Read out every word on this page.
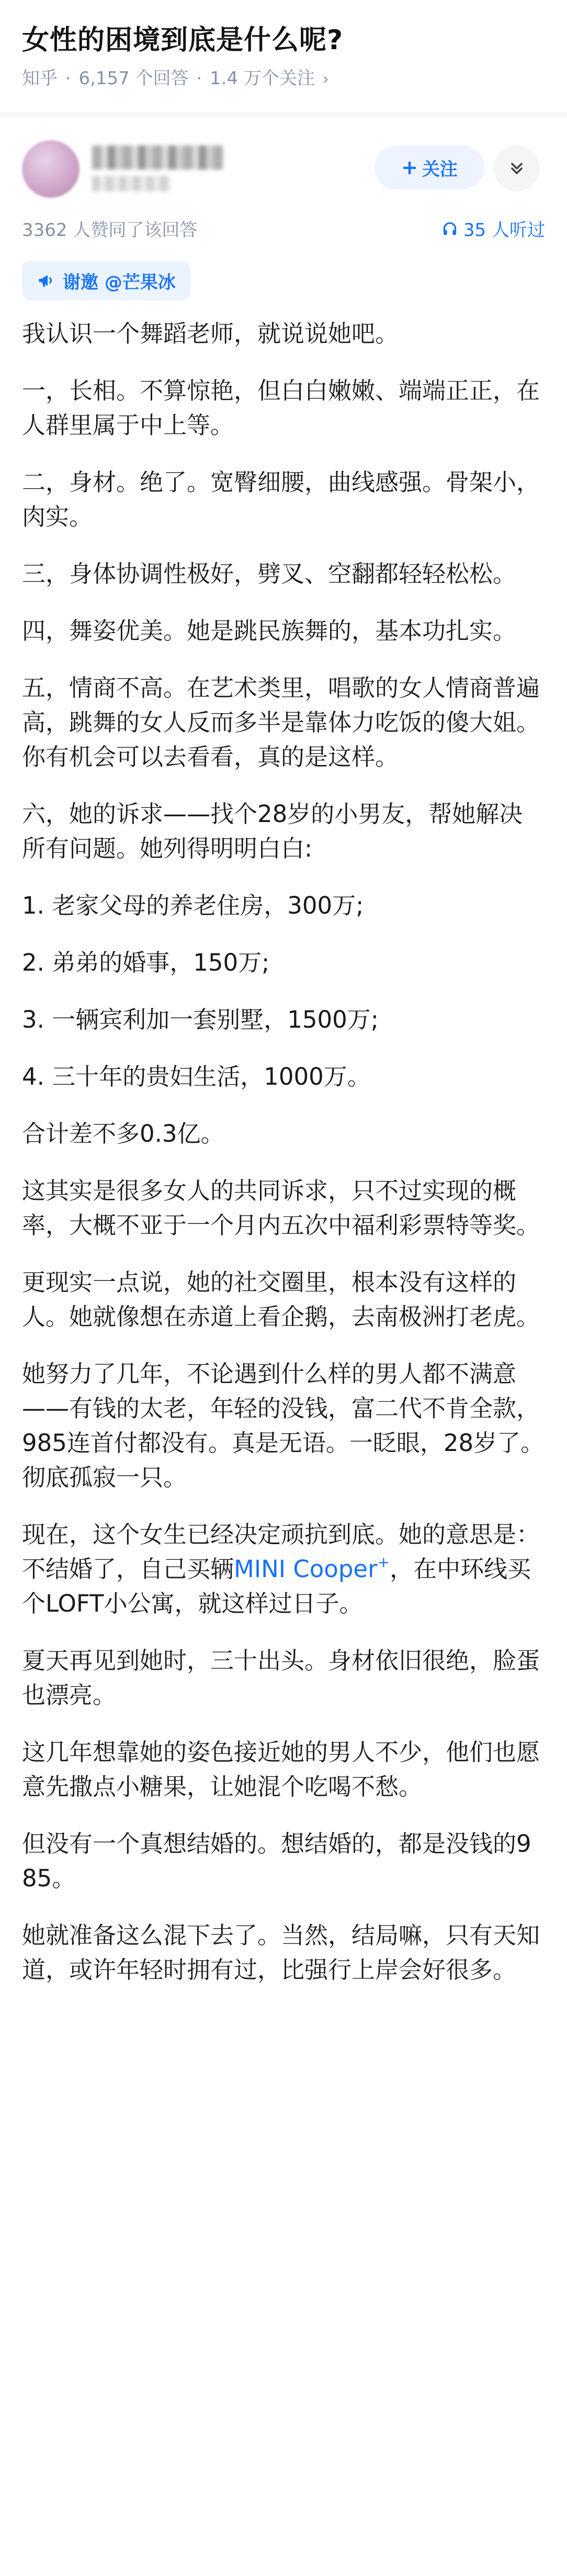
女性的困境到底是什么呢?
知乎 · 6,157 个回答 · 1.4 万个关注 ›
+ 关注
3362 人赞同了该回答	35 人听过
谢邀 @芒果冰

我认识一个舞蹈老师，就说说她吧。

一，长相。不算惊艳，但白白嫩嫩、端端正正，在人群里属于中上等。

二，身材。绝了。宽臀细腰，曲线感强。骨架小，肉实。

三，身体协调性极好，劈叉、空翻都轻轻松松。

四，舞姿优美。她是跳民族舞的，基本功扎实。

五，情商不高。在艺术类里，唱歌的女人情商普遍高，跳舞的女人反而多半是靠体力吃饭的傻大姐。你有机会可以去看看，真的是这样。

六，她的诉求——找个28岁的小男友，帮她解决所有问题。她列得明明白白:

1. 老家父母的养老住房，300万;

2. 弟弟的婚事，150万;

3. 一辆宾利加一套别墅，1500万;

4. 三十年的贵妇生活，1000万。

合计差不多0.3亿。

这其实是很多女人的共同诉求，只不过实现的概率，大概不亚于一个月内五次中福利彩票特等奖。

更现实一点说，她的社交圈里，根本没有这样的人。她就像想在赤道上看企鹅，去南极洲打老虎。

她努力了几年，不论遇到什么样的男人都不满意——有钱的太老，年轻的没钱，富二代不肯全款，985连首付都没有。真是无语。一眨眼，28岁了。彻底孤寂一只。

现在，这个女生已经决定顽抗到底。她的意思是：不结婚了，自己买辆MINI Cooper+，在中环线买个LOFT小公寓，就这样过日子。

夏天再见到她时，三十出头。身材依旧很绝，脸蛋也漂亮。

这几年想靠她的姿色接近她的男人不少，他们也愿意先撒点小糖果，让她混个吃喝不愁。

但没有一个真想结婚的。想结婚的，都是没钱的985。

她就准备这么混下去了。当然，结局嘛，只有天知道，或许年轻时拥有过，比强行上岸会好很多。
